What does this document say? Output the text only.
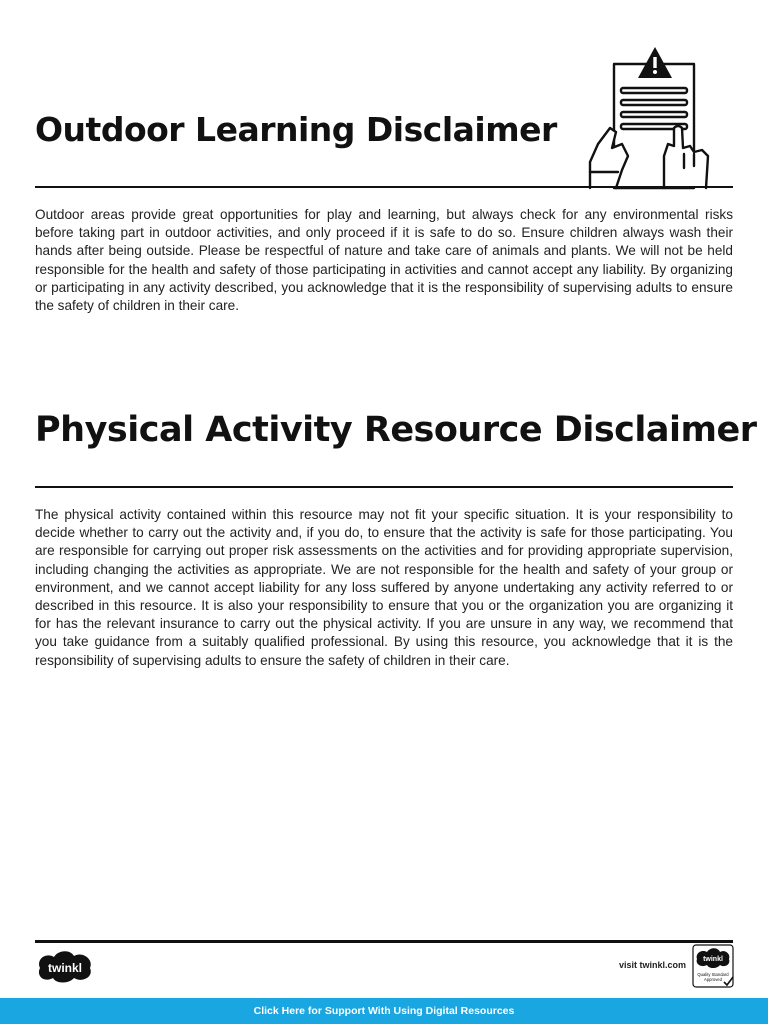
Outdoor Learning Disclaimer

Outdoor areas provide great opportunities for play and learning, but always check for any environmental risks before taking part in outdoor activities, and only proceed if it is safe to do so. Ensure children always wash their hands after being outside. Please be respectful of nature and take care of animals and plants. We will not be held responsible for the health and safety of those participating in activities and cannot accept any liability. By organizing or participating in any activity described, you acknowledge that it is the responsibility of supervising adults to ensure the safety of children in their care.

Physical Activity Resource Disclaimer

The physical activity contained within this resource may not fit your specific situation. It is your responsibility to decide whether to carry out the activity and, if you do, to ensure that the activity is safe for those participating. You are responsible for carrying out proper risk assessments on the activities and for providing appropriate supervision, including changing the activities as appropriate. We are not responsible for the health and safety of your group or environment, and we cannot accept liability for any loss suffered by anyone undertaking any activity referred to or described in this resource. It is also your responsibility to ensure that you or the organization you are organizing it for has the relevant insurance to carry out the physical activity. If you are unsure in any way, we recommend that you take guidance from a suitably qualified professional. By using this resource, you acknowledge that it is the responsibility of supervising adults to ensure the safety of children in their care.

twinkl	visit twinkl.com
twinkl
Quality Standard
Approved
Click Here for Support With Using Digital Resources
